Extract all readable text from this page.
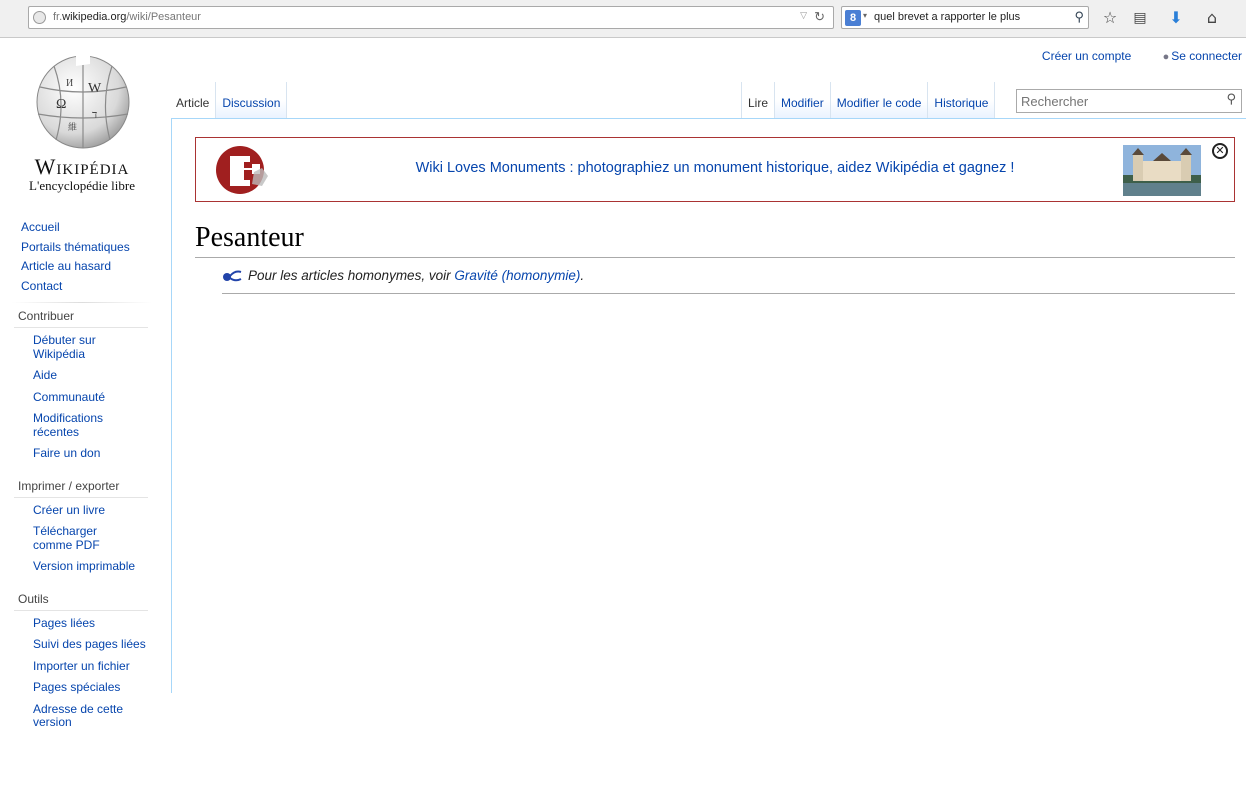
fr.wikipedia.org/wiki/Pesanteur	▽ ↻	8 ▾ quel brevet a rapporter le plus	⚲ ☆	▤ ⬇	⌂
Créer un compte	● Se connecter
Ω
W
И
ד
維
Wikipédia
L'encyclopédie libre
Accueil
Portails thématiques
Article au hasard
Contact
Contribuer
Débuter sur Wikipédia
Aide
Communauté
Modifications récentes
Faire un don
Imprimer / exporter
Créer un livre
Télécharger comme PDF
Version imprimable
Outils
Pages liées
Suivi des pages liées
Importer un fichier
Pages spéciales
Adresse de cette version
Article	Discussion	Lire	Modifier	Modifier le code	Historique
Rechercher	⚲
Wiki Loves Monuments : photographiez un monument historique, aidez Wikipédia et gagnez !
✕
Pesanteur
Pour les articles homonymes, voir Gravité (homonymie).
